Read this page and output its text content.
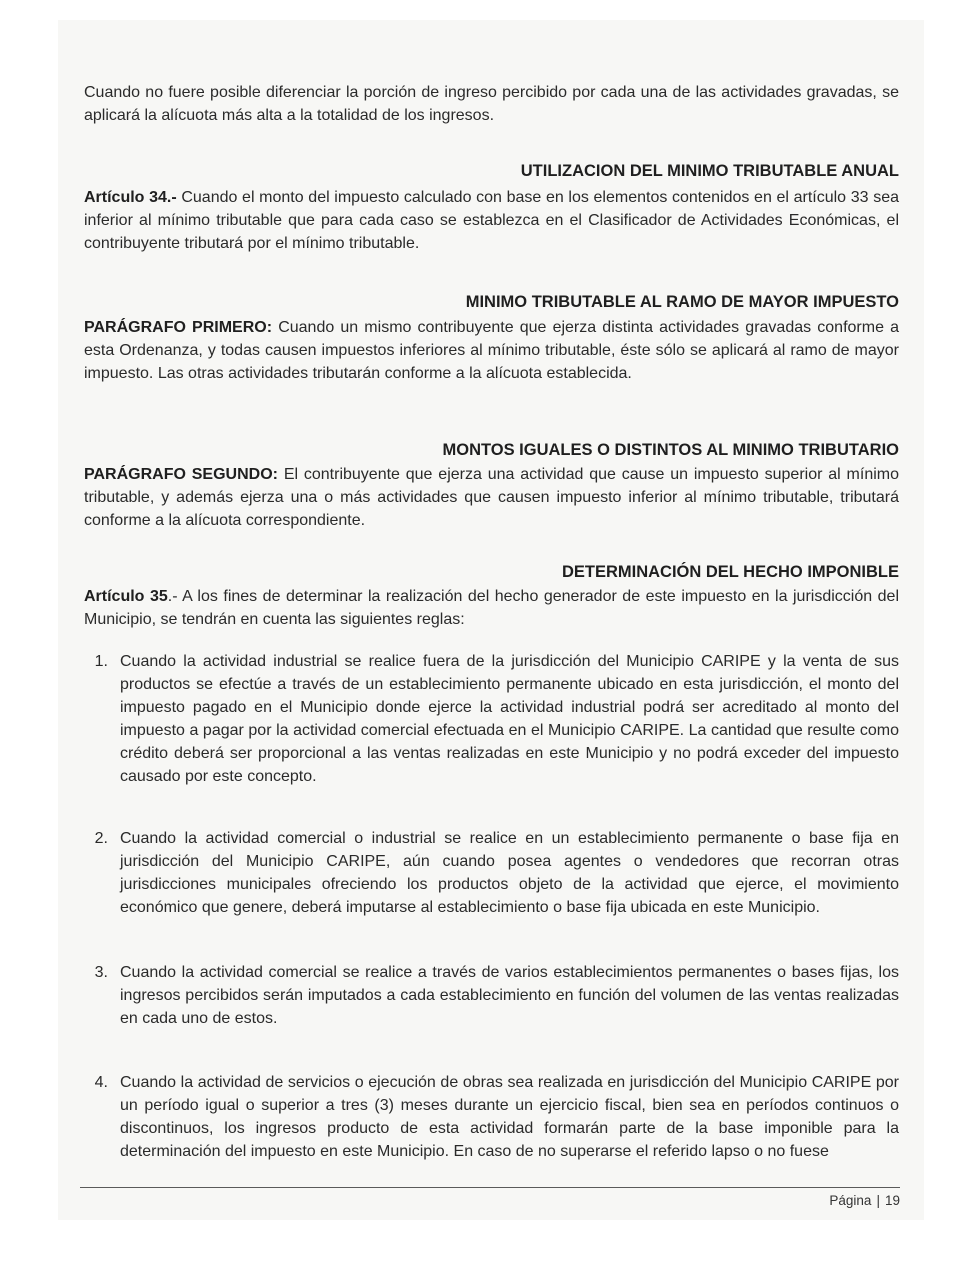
Cuando no fuere posible diferenciar la porción de ingreso percibido por cada una de las actividades gravadas, se aplicará la alícuota más alta a la totalidad de los ingresos.

UTILIZACION DEL MINIMO TRIBUTABLE ANUAL

Artículo 34.- Cuando el monto del impuesto calculado con base en los elementos contenidos en el artículo 33 sea inferior al mínimo tributable que para cada caso se establezca en el Clasificador de Actividades Económicas, el contribuyente tributará por el mínimo tributable.

MINIMO TRIBUTABLE AL RAMO DE MAYOR IMPUESTO

PARÁGRAFO PRIMERO: Cuando un mismo contribuyente que ejerza distinta actividades gravadas conforme a esta Ordenanza, y todas causen impuestos inferiores al mínimo tributable, éste sólo se aplicará al ramo de mayor impuesto. Las otras actividades tributarán conforme a la alícuota establecida.

MONTOS IGUALES O DISTINTOS AL MINIMO TRIBUTARIO

PARÁGRAFO SEGUNDO: El contribuyente que ejerza una actividad que cause un impuesto superior al mínimo tributable, y además ejerza una o más actividades que causen impuesto inferior al mínimo tributable, tributará conforme a la alícuota correspondiente.

DETERMINACIÓN DEL HECHO IMPONIBLE

Artículo 35.- A los fines de determinar la realización del hecho generador de este impuesto en la jurisdicción del Municipio, se tendrán en cuenta las siguientes reglas:

1. Cuando la actividad industrial se realice fuera de la jurisdicción del Municipio CARIPE y la venta de sus productos se efectúe a través de un establecimiento permanente ubicado en esta jurisdicción, el monto del impuesto pagado en el Municipio donde ejerce la actividad industrial podrá ser acreditado al monto del impuesto a pagar por la actividad comercial efectuada en el Municipio CARIPE. La cantidad que resulte como crédito deberá ser proporcional a las ventas realizadas en este Municipio y no podrá exceder del impuesto causado por este concepto.

2. Cuando la actividad comercial o industrial se realice en un establecimiento permanente o base fija en jurisdicción del Municipio CARIPE, aún cuando posea agentes o vendedores que recorran otras jurisdicciones municipales ofreciendo los productos objeto de la actividad que ejerce, el movimiento económico que genere, deberá imputarse al establecimiento o base fija ubicada en este Municipio.

3. Cuando la actividad comercial se realice a través de varios establecimientos permanentes o bases fijas, los ingresos percibidos serán imputados a cada establecimiento en función del volumen de las ventas realizadas en cada uno de estos.

4. Cuando la actividad de servicios o ejecución de obras sea realizada en jurisdicción del Municipio CARIPE por un período igual o superior a tres (3) meses durante un ejercicio fiscal, bien sea en períodos continuos o discontinuos, los ingresos producto de esta actividad formarán parte de la base imponible para la determinación del impuesto en este Municipio. En caso de no superarse el referido lapso o no fuese

Página | 19
